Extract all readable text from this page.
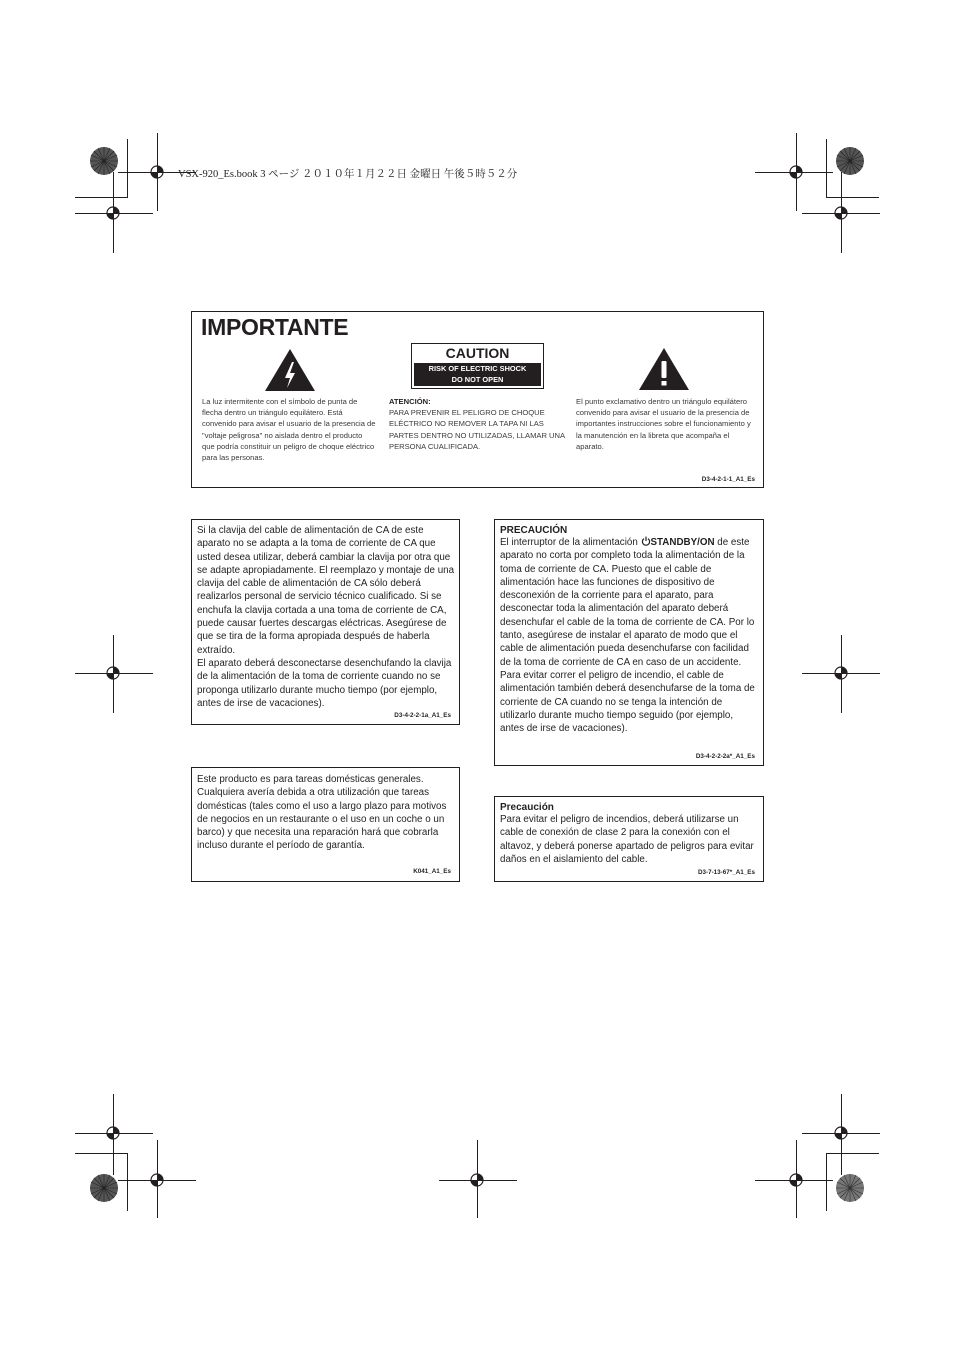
VSX-920_Es.book 3 ページ ２０１０年１月２２日 金曜日 午後５時５２分
IMPORTANTE
CAUTION
RISK OF ELECTRIC SHOCK
DO NOT OPEN
La luz intermitente con el símbolo de punta de flecha dentro un triángulo equilátero. Está convenido para avisar el usuario de la presencia de "voltaje peligrosa" no aislada dentro el producto que podría constituir un peligro de choque eléctrico para las personas.
ATENCIÓN:
PARA PREVENIR EL PELIGRO DE CHOQUE ELÉCTRICO NO REMOVER LA TAPA NI LAS PARTES DENTRO NO UTILIZADAS, LLAMAR UNA PERSONA CUALIFICADA.
El punto exclamativo dentro un triángulo equilátero convenido para avisar el usuario de la presencia de importantes instrucciones sobre el funcionamiento y la manutención en la libreta que acompaña el aparato.
D3-4-2-1-1_A1_Es
Si la clavija del cable de alimentación de CA de este aparato no se adapta a la toma de corriente de CA que usted desea utilizar, deberá cambiar la clavija por otra que se adapte apropiadamente. El reemplazo y montaje de una clavija del cable de alimentación de CA sólo deberá realizarlos personal de servicio técnico cualificado. Si se enchufa la clavija cortada a una toma de corriente de CA, puede causar fuertes descargas eléctricas. Asegúrese de que se tira de la forma apropiada después de haberla extraído.
El aparato deberá desconectarse desenchufando la clavija de la alimentación de la toma de corriente cuando no se proponga utilizarlo durante mucho tiempo (por ejemplo, antes de irse de vacaciones).
D3-4-2-2-1a_A1_Es
Este producto es para tareas domésticas generales. Cualquiera avería debida a otra utilización que tareas domésticas (tales como el uso a largo plazo para motivos de negocios en un restaurante o el uso en un coche o un barco) y que necesita una reparación hará que cobrarla incluso durante el período de garantía.
K041_A1_Es
PRECAUCIÓN
El interruptor de la alimentación STANDBY/ON de este aparato no corta por completo toda la alimentación de la toma de corriente de CA. Puesto que el cable de alimentación hace las funciones de dispositivo de desconexión de la corriente para el aparato, para desconectar toda la alimentación del aparato deberá desenchufar el cable de la toma de corriente de CA. Por lo tanto, asegúrese de instalar el aparato de modo que el cable de alimentación pueda desenchufarse con facilidad de la toma de corriente de CA en caso de un accidente. Para evitar correr el peligro de incendio, el cable de alimentación también deberá desenchufarse de la toma de corriente de CA cuando no se tenga la intención de utilizarlo durante mucho tiempo seguido (por ejemplo, antes de irse de vacaciones).
D3-4-2-2-2a*_A1_Es
Precaución
Para evitar el peligro de incendios, deberá utilizarse un cable de conexión de clase 2 para la conexión con el altavoz, y deberá ponerse apartado de peligros para evitar daños en el aislamiento del cable.
D3-7-13-67*_A1_Es
